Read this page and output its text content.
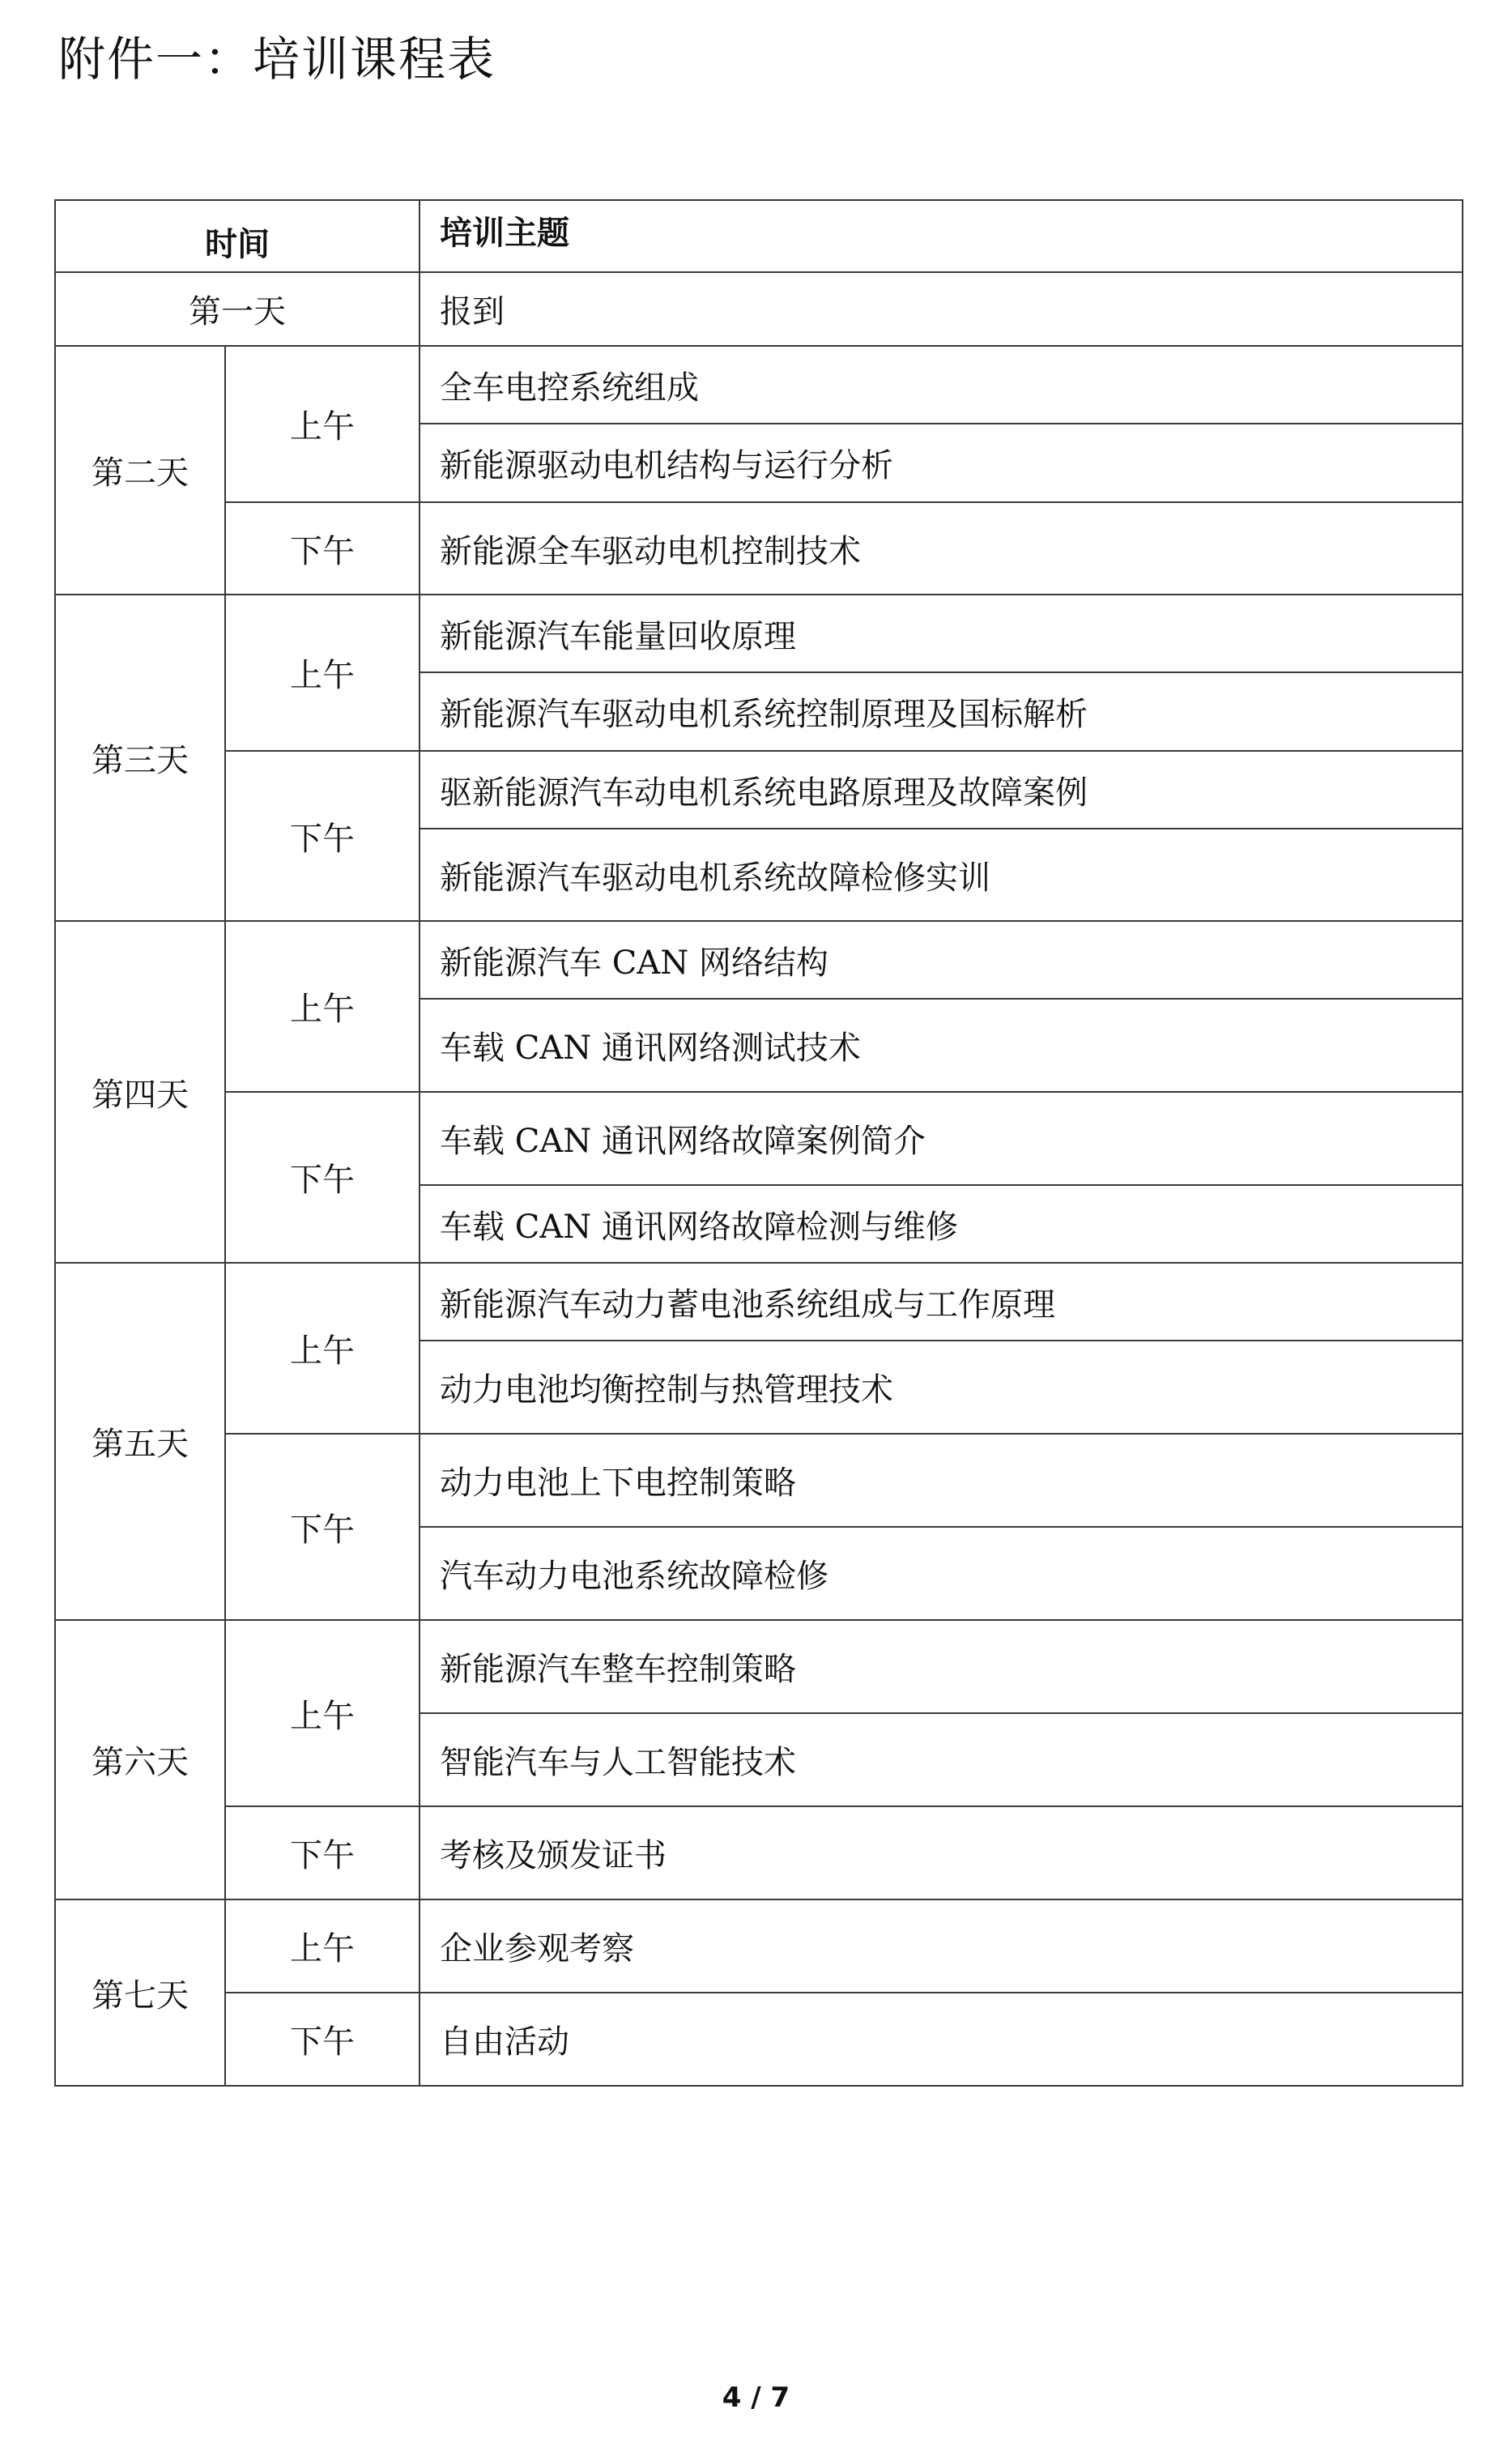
附件一：培训课程表
时间		培训主题
第一天		报到
第二天	上午	全车电控系统组成
		新能源驱动电机结构与运行分析
	下午	新能源全车驱动电机控制技术
第三天	上午	新能源汽车能量回收原理
		新能源汽车驱动电机系统控制原理及国标解析
	下午	驱新能源汽车动电机系统电路原理及故障案例
		新能源汽车驱动电机系统故障检修实训
第四天	上午	新能源汽车 CAN 网络结构
		车载 CAN 通讯网络测试技术
	下午	车载 CAN 通讯网络故障案例简介
		车载 CAN 通讯网络故障检测与维修
第五天	上午	新能源汽车动力蓄电池系统组成与工作原理
		动力电池均衡控制与热管理技术
	下午	动力电池上下电控制策略
		汽车动力电池系统故障检修
第六天	上午	新能源汽车整车控制策略
		智能汽车与人工智能技术
	下午	考核及颁发证书
第七天	上午	企业参观考察
	下午	自由活动
4 / 7
